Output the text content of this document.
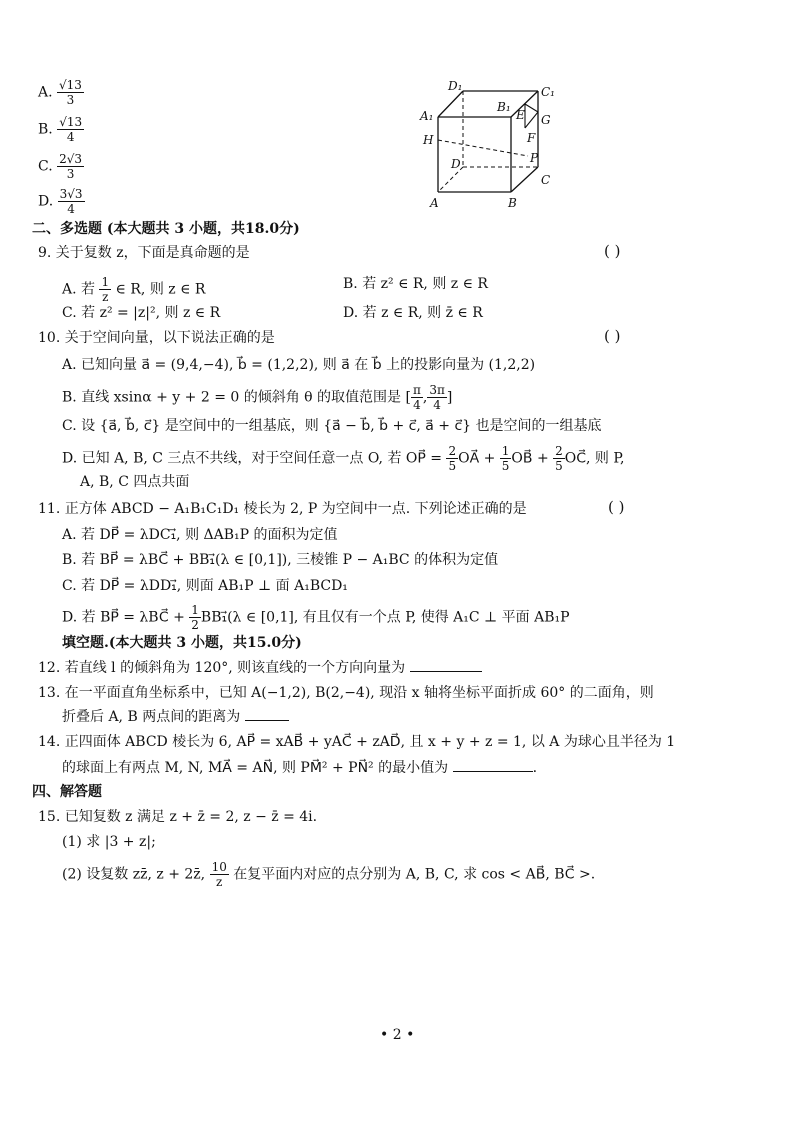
A. $\frac{√13}{3}$
B. $\frac{√13}{4}$
C. $\frac{2√3}{3}$
D. $\frac{3√3}{4}$
D₁
A₁
B₁
C₁
E G
F
H
P
D
C
A	B
二、多选题 (本大题共 3 小题，共18.0分)
9. 关于复数 z，下面是真命题的是	( )
A. 若 $\frac{1}{z}$ ∈ R, 则 z ∈ R	B. 若 z² ∈ R, 则 z ∈ R
C. 若 z² = |z|², 则 z ∈ R	D. 若 z ∈ R, 则 z̄ ∈ R
10. 关于空间向量，以下说法正确的是	( )
A. 已知向量 a⃗ = (9,4,−4), b⃗ = (1,2,2), 则 a⃗ 在 b⃗ 上的投影向量为 (1,2,2)
B. 直线 xsinα + y + 2 = 0 的倾斜角 θ 的取值范围是 [ $\frac{\pi}{4}$ , $\frac{3\pi}{4}$ ]
C. 设 {a⃗, b⃗, c⃗} 是空间中的一组基底，则 {a⃗ − b⃗, b⃗ + c⃗, a⃗ + c⃗} 也是空间的一组基底
D. 已知 A, B, C 三点不共线，对于空间任意一点 O, 若 OP⃗ = $\frac{2}{5}$ OA⃗ + $\frac{1}{5}$ OB⃗ + $\frac{2}{5}$ OC⃗, 则 P,
A, B, C 四点共面
11. 正方体 ABCD − A₁B₁C₁D₁ 棱长为 2, P 为空间中一点. 下列论述正确的是	( )
A. 若 DP⃗ = λDC₁⃗, 则 ΔAB₁P 的面积为定值
B. 若 BP⃗ = λBC⃗ + BB₁⃗(λ ∈ [0,1]), 三棱锥 P − A₁BC 的体积为定值
C. 若 DP⃗ = λDD₁⃗, 则面 AB₁P ⊥ 面 A₁BCD₁
D. 若 BP⃗ = λBC⃗ + $\frac{1}{2}$ BB₁⃗(λ ∈ [0,1], 有且仅有一个点 P, 使得 A₁C ⊥ 平面 AB₁P
填空题.(本大题共 3 小题，共15.0分)
12. 若直线 l 的倾斜角为 120°, 则该直线的一个方向向量为
13. 在一平面直角坐标系中，已知 A(−1,2), B(2,−4), 现沿 x 轴将坐标平面折成 60° 的二面角，则
折叠后 A, B 两点间的距离为
14. 正四面体 ABCD 棱长为 6, AP⃗ = xAB⃗ + yAC⃗ + zAD⃗, 且 x + y + z = 1, 以 A 为球心且半径为 1
的球面上有两点 M, N, MA⃗ = AN⃗, 则 PM⃗² + PN⃗² 的最小值为	.
四、解答题
15. 已知复数 z 满足 z + z̄ = 2, z − z̄ = 4i.
(1) 求 |3 + z|;
(2) 设复数 zz̄, z + 2z̄, $\frac{10}{z}$ 在复平面内对应的点分别为 A, B, C, 求 cos < AB⃗, BC⃗ >.
• 2 •
